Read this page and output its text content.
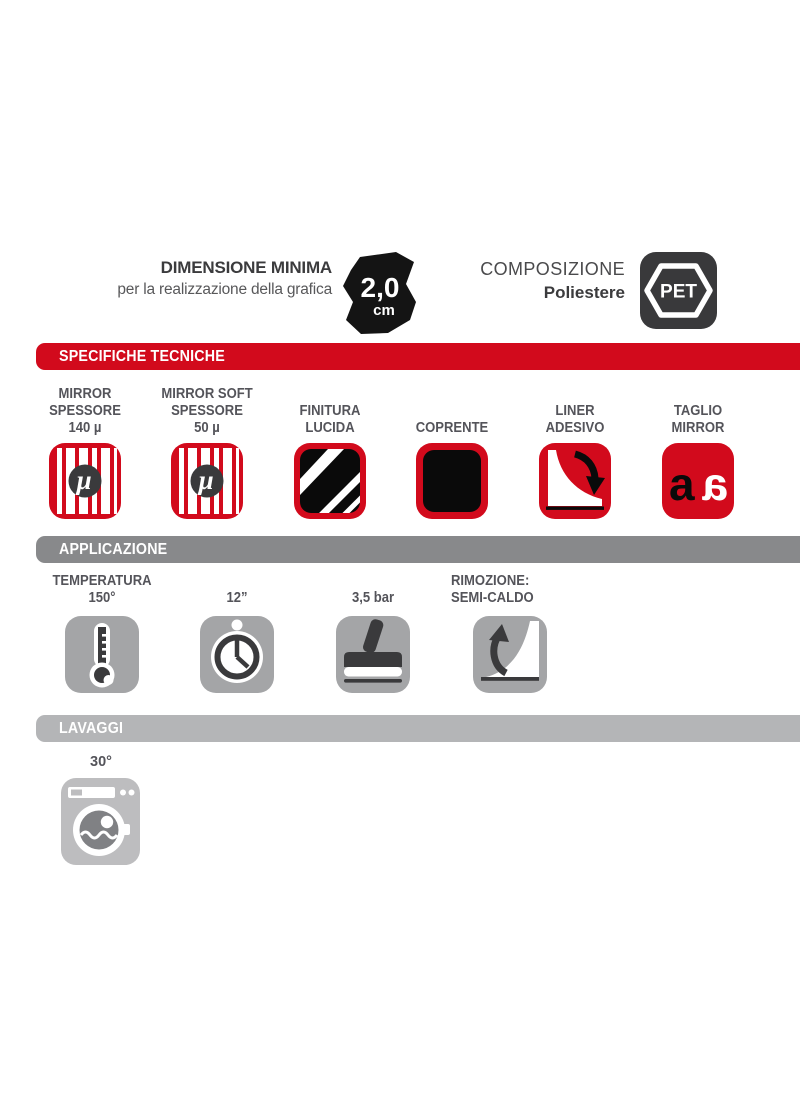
DIMENSIONE MINIMA
per la realizzazione della grafica 2,0
cm
COMPOSIZIONE
Poliestere PET
SPECIFICHE TECNICHE
MIRROR
SPESSORE
140 µ
µ
MIRROR SOFT
SPESSORE
50 µ
µ
FINITURA
LUCIDA	COPRENTE
LINER
ADESIVO
TAGLIO
MIRROR
a a
APPLICAZIONE
TEMPERATURA
150°	12”	3,5 bar
RIMOZIONE:
SEMI-CALDO
LAVAGGI
30°
